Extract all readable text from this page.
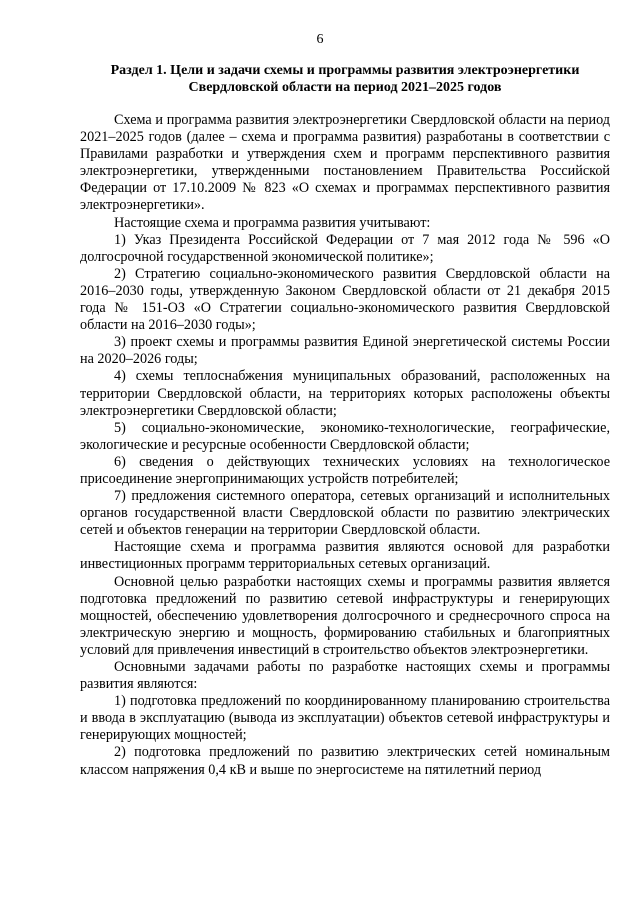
6
Раздел 1. Цели и задачи схемы и программы развития электроэнергетики
Свердловской области на период 2021–2025 годов

Схема и программа развития электроэнергетики Свердловской области на период 2021–2025 годов (далее – схема и программа развития) разработаны в соответствии с Правилами разработки и утверждения схем и программ перспективного развития электроэнергетики, утвержденными постановлением Правительства Российской Федерации от 17.10.2009 № 823 «О схемах и программах перспективного развития электроэнергетики».

Настоящие схема и программа развития учитывают:

1) Указ Президента Российской Федерации от 7 мая 2012 года № 596 «О долгосрочной государственной экономической политике»;

2) Стратегию социально-экономического развития Свердловской области на 2016–2030 годы, утвержденную Законом Свердловской области от 21 декабря 2015 года № 151-ОЗ «О Стратегии социально-экономического развития Свердловской области на 2016–2030 годы»;

3) проект схемы и программы развития Единой энергетической системы России на 2020–2026 годы;

4) схемы теплоснабжения муниципальных образований, расположенных на территории Свердловской области, на территориях которых расположены объекты электроэнергетики Свердловской области;

5) социально-экономические, экономико-технологические, географические, экологические и ресурсные особенности Свердловской области;

6) сведения о действующих технических условиях на технологическое присоединение энергопринимающих устройств потребителей;

7) предложения системного оператора, сетевых организаций и исполнительных органов государственной власти Свердловской области по развитию электрических сетей и объектов генерации на территории Свердловской области.

Настоящие схема и программа развития являются основой для разработки инвестиционных программ территориальных сетевых организаций.

Основной целью разработки настоящих схемы и программы развития является подготовка предложений по развитию сетевой инфраструктуры и генерирующих мощностей, обеспечению удовлетворения долгосрочного и среднесрочного спроса на электрическую энергию и мощность, формированию стабильных и благоприятных условий для привлечения инвестиций в строительство объектов электроэнергетики.

Основными задачами работы по разработке настоящих схемы и программы развития являются:

1) подготовка предложений по координированному планированию строительства и ввода в эксплуатацию (вывода из эксплуатации) объектов сетевой инфраструктуры и генерирующих мощностей;

2) подготовка предложений по развитию электрических сетей номинальным классом напряжения 0,4 кВ и выше по энергосистеме на пятилетний период
